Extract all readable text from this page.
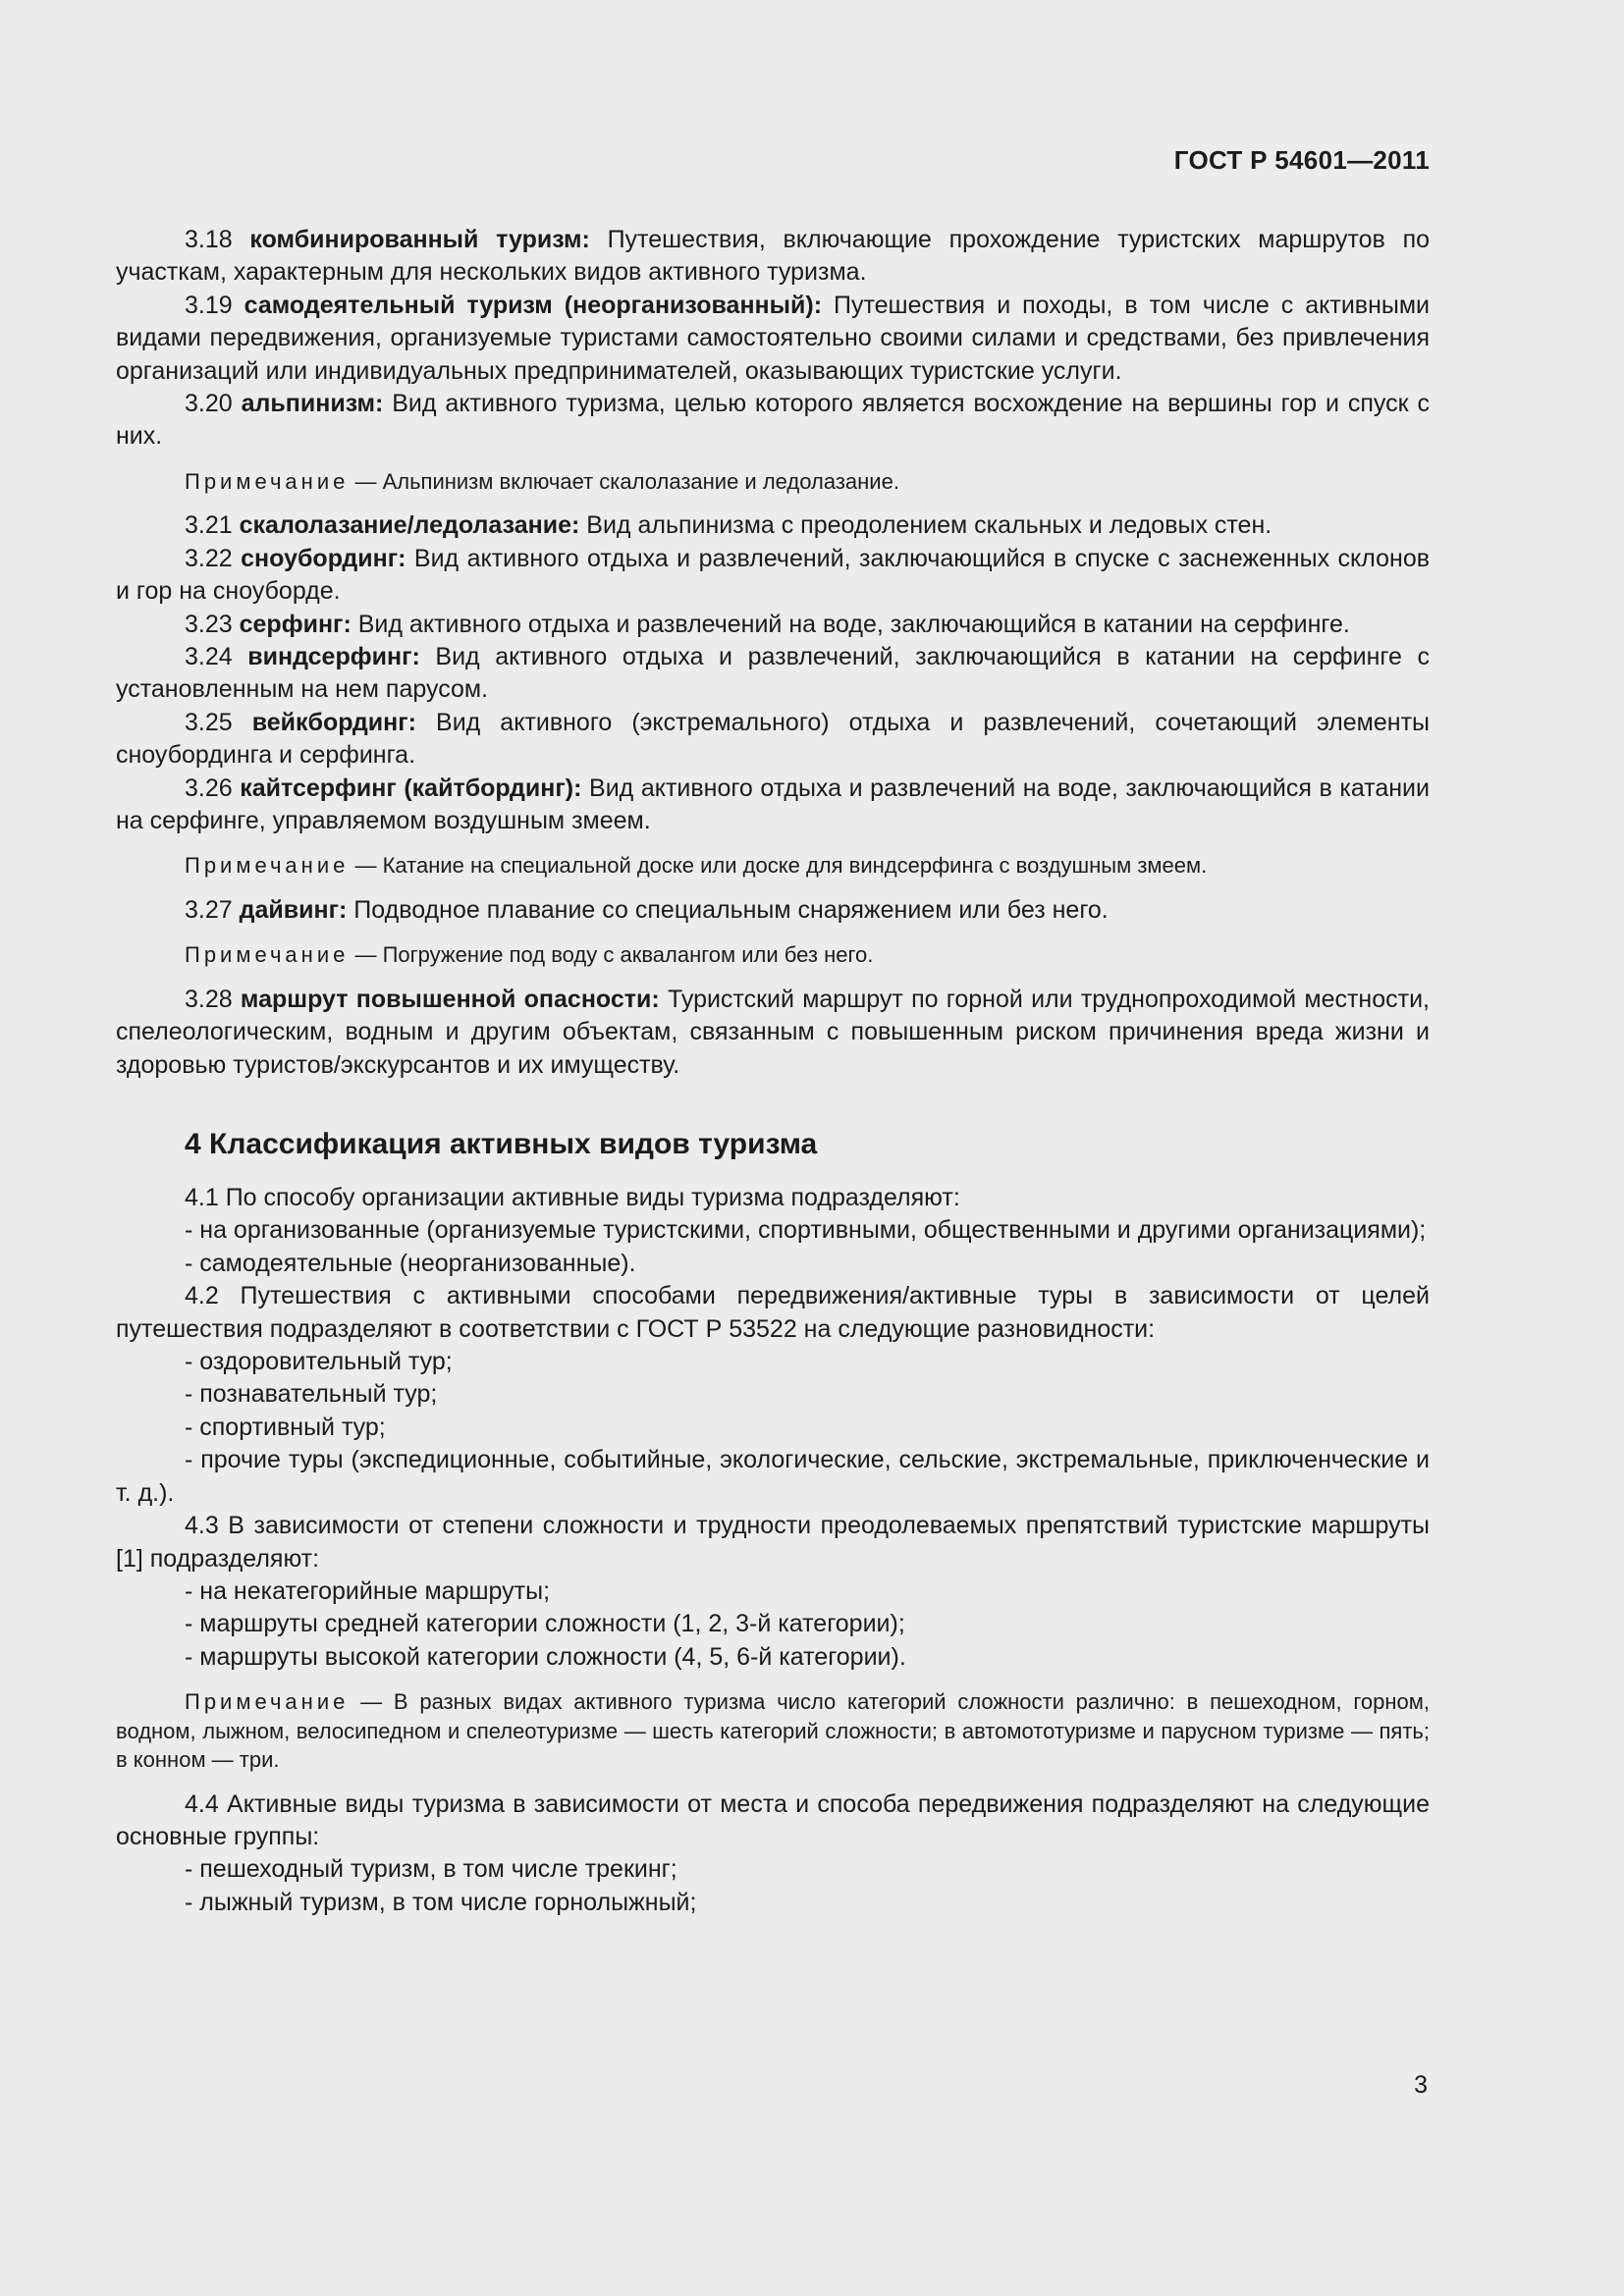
ГОСТ Р 54601—2011

3.18 комбинированный туризм: Путешествия, включающие прохождение туристских маршрутов по участкам, характерным для нескольких видов активного туризма.

3.19 самодеятельный туризм (неорганизованный): Путешествия и походы, в том числе с активными видами передвижения, организуемые туристами самостоятельно своими силами и средствами, без привлечения организаций или индивидуальных предпринимателей, оказывающих туристские услуги.

3.20 альпинизм: Вид активного туризма, целью которого является восхождение на вершины гор и спуск с них.

Примечание — Альпинизм включает скалолазание и ледолазание.

3.21 скалолазание/ледолазание: Вид альпинизма с преодолением скальных и ледовых стен.

3.22 сноубординг: Вид активного отдыха и развлечений, заключающийся в спуске с заснеженных склонов и гор на сноуборде.

3.23 серфинг: Вид активного отдыха и развлечений на воде, заключающийся в катании на серфинге.

3.24 виндсерфинг: Вид активного отдыха и развлечений, заключающийся в катании на серфинге с установленным на нем парусом.

3.25 вейкбординг: Вид активного (экстремального) отдыха и развлечений, сочетающий элементы сноубординга и серфинга.

3.26 кайтсерфинг (кайтбординг): Вид активного отдыха и развлечений на воде, заключающийся в катании на серфинге, управляемом воздушным змеем.

Примечание — Катание на специальной доске или доске для виндсерфинга с воздушным змеем.

3.27 дайвинг: Подводное плавание со специальным снаряжением или без него.

Примечание — Погружение под воду с аквалангом или без него.

3.28 маршрут повышенной опасности: Туристский маршрут по горной или труднопроходимой местности, спелеологическим, водным и другим объектам, связанным с повышенным риском причинения вреда жизни и здоровью туристов/экскурсантов и их имуществу.

4 Классификация активных видов туризма

4.1 По способу организации активные виды туризма подразделяют:

- на организованные (организуемые туристскими, спортивными, общественными и другими организациями);

- самодеятельные (неорганизованные).

4.2 Путешествия с активными способами передвижения/активные туры в зависимости от целей путешествия подразделяют в соответствии с ГОСТ Р 53522 на следующие разновидности:

- оздоровительный тур;

- познавательный тур;

- спортивный тур;

- прочие туры (экспедиционные, событийные, экологические, сельские, экстремальные, приключенческие и т. д.).

4.3 В зависимости от степени сложности и трудности преодолеваемых препятствий туристские маршруты [1] подразделяют:

- на некатегорийные маршруты;

- маршруты средней категории сложности (1, 2, 3-й категории);

- маршруты высокой категории сложности (4, 5, 6-й категории).

Примечание — В разных видах активного туризма число категорий сложности различно: в пешеходном, горном, водном, лыжном, велосипедном и спелеотуризме — шесть категорий сложности; в автомототуризме и парусном туризме — пять; в конном — три.

4.4 Активные виды туризма в зависимости от места и способа передвижения подразделяют на следующие основные группы:

- пешеходный туризм, в том числе трекинг;

- лыжный туризм, в том числе горнолыжный;

3
